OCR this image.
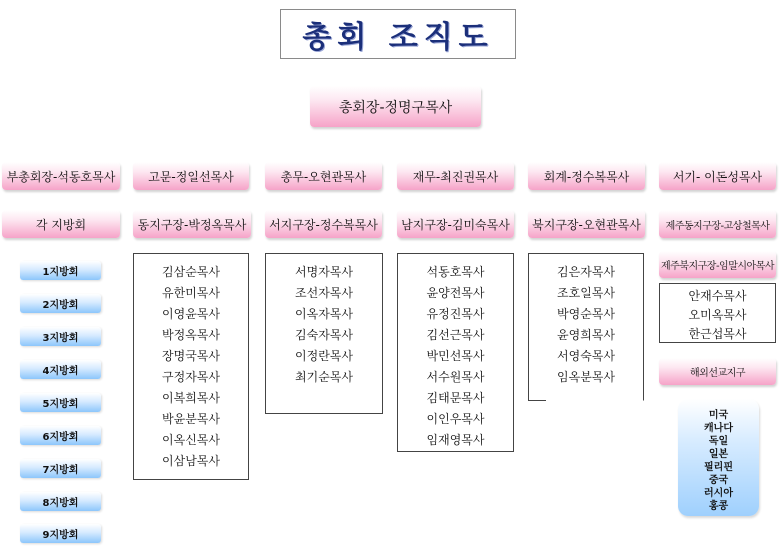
총회 조직도
총회장-정명구목사
부총회장-석동호목사	고문-정일선목사	총무-오현관목사	재무-최진권목사	회계-정수복목사	서기- 이돈성목사
각 지방회	동지구장-박정옥목사 서지구장-정수복목사 남지구장-김미숙목사 북지구장-오현관목사 제주동지구장-고상철목사
제주북지구장-임말시아목사
1지방회
2지방회
3지방회
4지방회
5지방회
6지방회
7지방회
8지방회
9지방회
김삼순목사
유한미목사
이영윤목사
박정옥목사
장명국목사
구정자목사
이복희목사
박윤분목사
이옥신목사
이삼남목사
서명자목사
조선자목사
이옥자목사
김숙자목사
이정란목사
최기순목사
석동호목사
윤양전목사
유정진목사
김선근목사
박민선목사
서수원목사
김태문목사
이인우목사
임재영목사
김은자목사
조호일목사
박영순목사
윤영희목사
서영숙목사
임옥분목사
안재수목사
오미옥목사
한근섭목사
해외선교지구
미국
캐나다
독일
일본
필리핀
중국
러시아
홍콩
